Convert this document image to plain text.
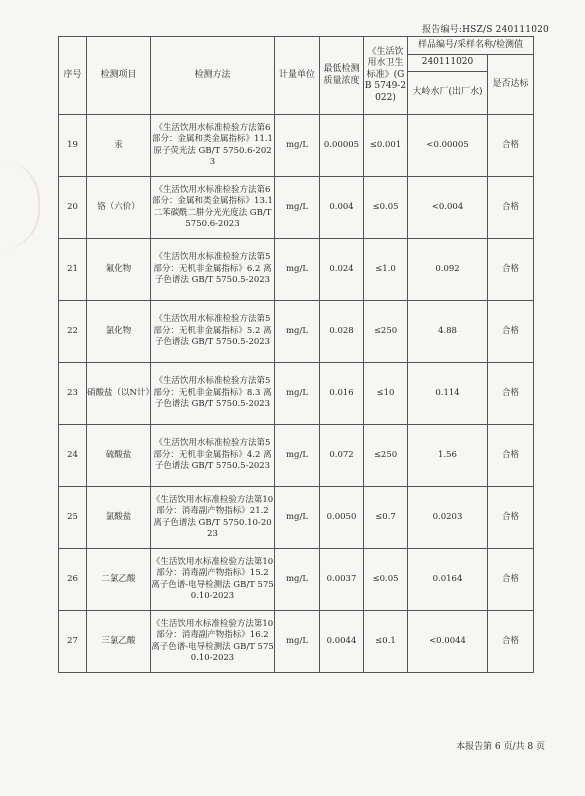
报告编号:HSZ/S 240111020
序号	检测项目	检测方法	计量单位	最低检测质量浓度	《生活饮用水卫生标准》(GB 5749-2022)	样品编号/采样名称/检测值	
						240111020	是否达标
						大岭水厂(出厂水)	
19	汞	《生活饮用水标准检验方法第6部分：金属和类金属指标》11.1 原子荧光法 GB/T 5750.6-2023	mg/L	0.00005	≤0.001	<0.00005	合格
20	铬（六价）	《生活饮用水标准检验方法第6部分：金属和类金属指标》13.1 二苯碳酰二肼分光光度法 GB/T 5750.6-2023	mg/L	0.004	≤0.05	<0.004	合格
21	氟化物	《生活饮用水标准检验方法第5部分：无机非金属指标》6.2 离子色谱法 GB/T 5750.5-2023	mg/L	0.024	≤1.0	0.092	合格
22	氯化物	《生活饮用水标准检验方法第5部分：无机非金属指标》5.2 离子色谱法 GB/T 5750.5-2023	mg/L	0.028	≤250	4.88	合格
23	硝酸盐（以N计）	《生活饮用水标准检验方法第5部分：无机非金属指标》8.3 离子色谱法 GB/T 5750.5-2023	mg/L	0.016	≤10	0.114	合格
24	硫酸盐	《生活饮用水标准检验方法第5部分：无机非金属指标》4.2 离子色谱法 GB/T 5750.5-2023	mg/L	0.072	≤250	1.56	合格
25	氯酸盐	《生活饮用水标准检验方法第10部分：消毒副产物指标》21.2 离子色谱法 GB/T 5750.10-2023	mg/L	0.0050	≤0.7	0.0203	合格
26	二氯乙酸	《生活饮用水标准检验方法第10部分：消毒副产物指标》15.2 离子色谱-电导检测法 GB/T 5750.10-2023	mg/L	0.0037	≤0.05	0.0164	合格
27	三氯乙酸	《生活饮用水标准检验方法第10部分：消毒副产物指标》16.2 离子色谱-电导检测法 GB/T 5750.10-2023	mg/L	0.0044	≤0.1	<0.0044	合格
本报告第 6 页/共 8 页
